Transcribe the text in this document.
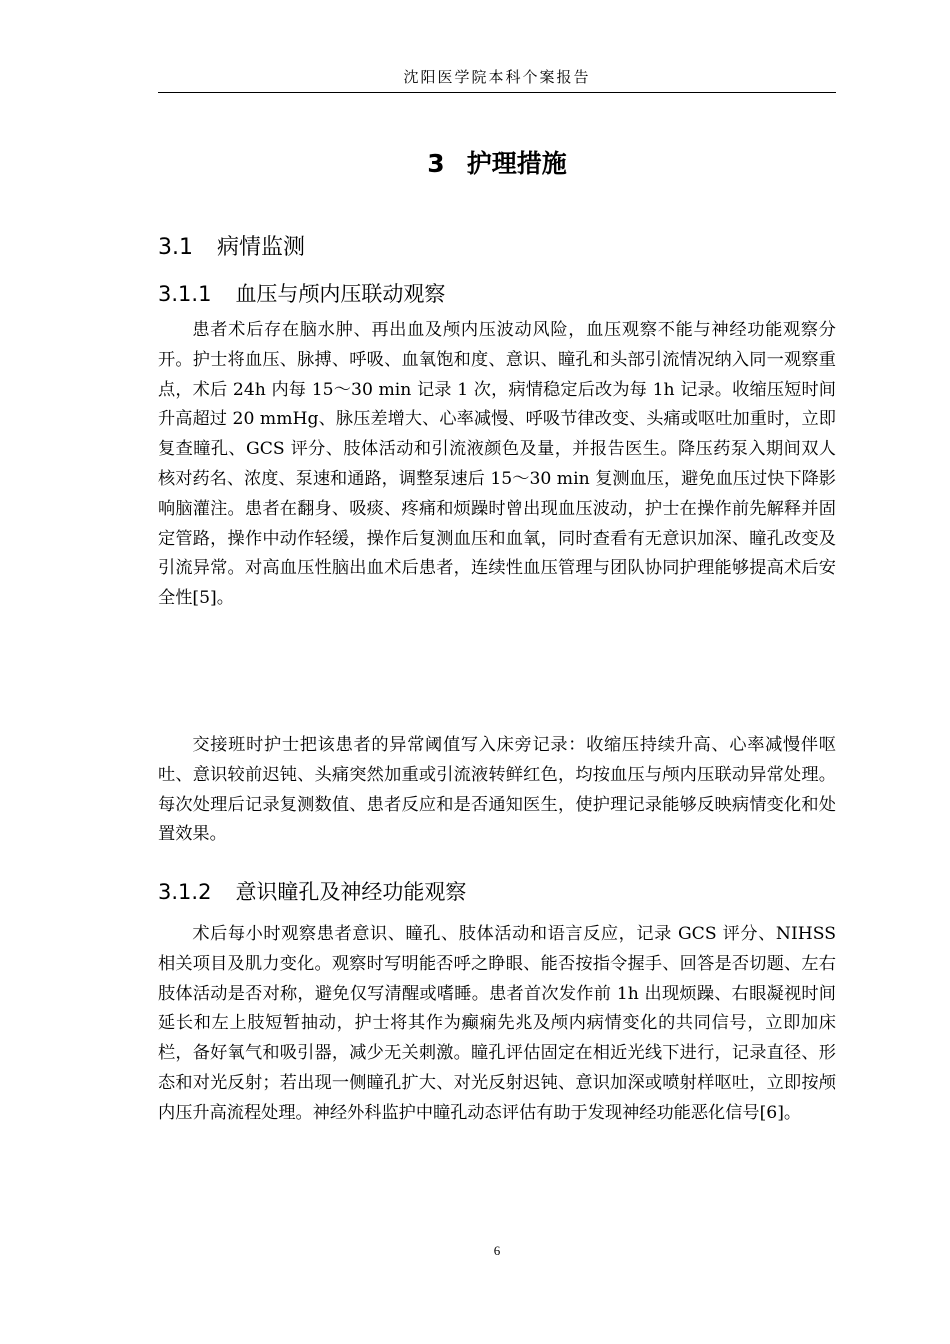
沈阳医学院本科个案报告
3 护理措施
3.1 病情监测
3.1.1 血压与颅内压联动观察

患者术后存在脑水肿、再出血及颅内压波动风险，血压观察不能与神经功能观察分开。护士将血压、脉搏、呼吸、血氧饱和度、意识、瞳孔和头部引流情况纳入同一观察重点，术后 24h 内每 15～30 min 记录 1 次，病情稳定后改为每 1h 记录。收缩压短时间升高超过 20 mmHg、脉压差增大、心率减慢、呼吸节律改变、头痛或呕吐加重时，立即复查瞳孔、GCS 评分、肢体活动和引流液颜色及量，并报告医生。降压药泵入期间双人核对药名、浓度、泵速和通路，调整泵速后 15～30 min 复测血压，避免血压过快下降影响脑灌注。患者在翻身、吸痰、疼痛和烦躁时曾出现血压波动，护士在操作前先解释并固定管路，操作中动作轻缓，操作后复测血压和血氧，同时查看有无意识加深、瞳孔改变及引流异常。对高血压性脑出血术后患者，连续性血压管理与团队协同护理能够提高术后安全性[5]。

交接班时护士把该患者的异常阈值写入床旁记录：收缩压持续升高、心率减慢伴呕吐、意识较前迟钝、头痛突然加重或引流液转鲜红色，均按血压与颅内压联动异常处理。每次处理后记录复测数值、患者反应和是否通知医生，使护理记录能够反映病情变化和处置效果。

3.1.2 意识瞳孔及神经功能观察

术后每小时观察患者意识、瞳孔、肢体活动和语言反应，记录 GCS 评分、NIHSS 相关项目及肌力变化。观察时写明能否呼之睁眼、能否按指令握手、回答是否切题、左右肢体活动是否对称，避免仅写清醒或嗜睡。患者首次发作前 1h 出现烦躁、右眼凝视时间延长和左上肢短暂抽动，护士将其作为癫痫先兆及颅内病情变化的共同信号，立即加床栏，备好氧气和吸引器，减少无关刺激。瞳孔评估固定在相近光线下进行，记录直径、形态和对光反射；若出现一侧瞳孔扩大、对光反射迟钝、意识加深或喷射样呕吐，立即按颅内压升高流程处理。神经外科监护中瞳孔动态评估有助于发现神经功能恶化信号[6]。

6
